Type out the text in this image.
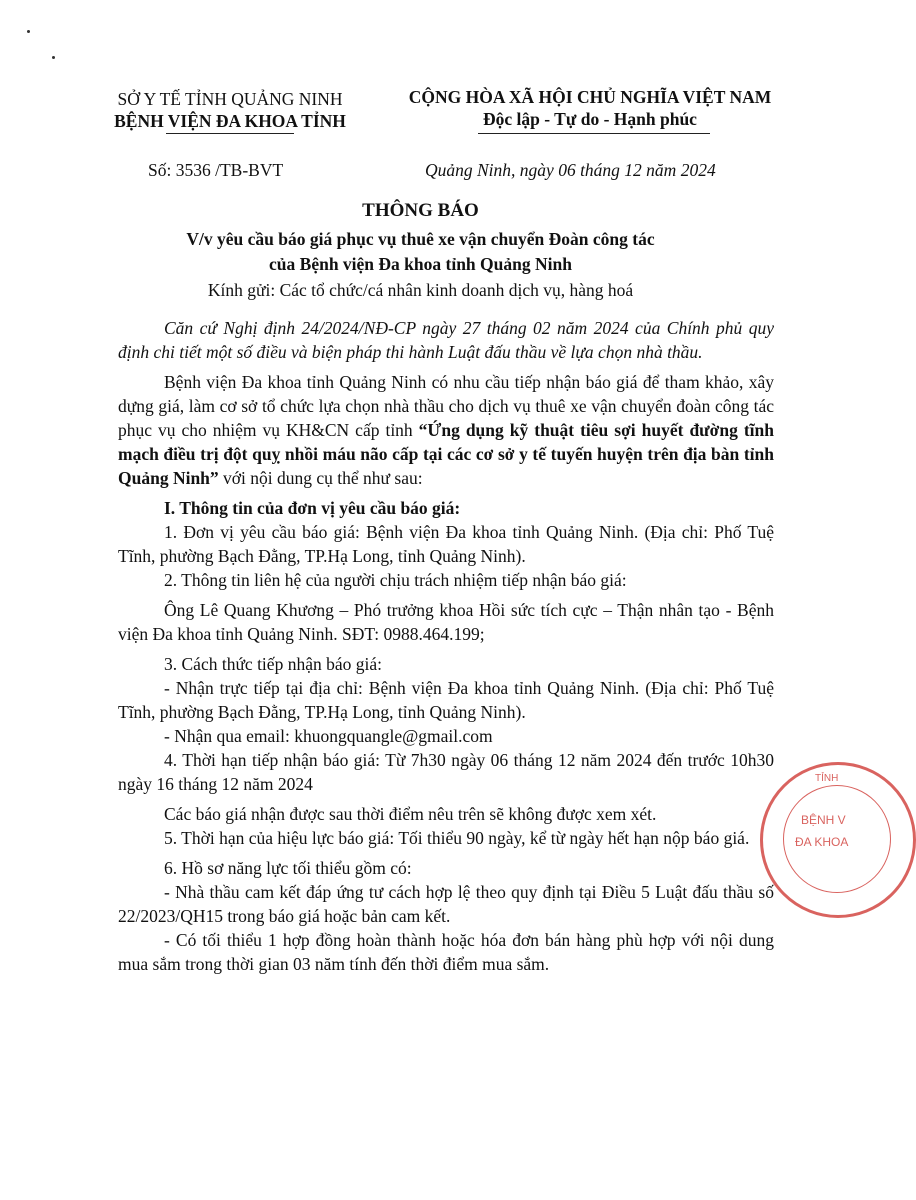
SỞ Y TẾ TỈNH QUẢNG NINH
BỆNH VIỆN ĐA KHOA TỈNH
CỘNG HÒA XÃ HỘI CHỦ NGHĨA VIỆT NAM
Độc lập - Tự do - Hạnh phúc
Số: 3536 /TB-BVT	Quảng Ninh, ngày 06 tháng 12 năm 2024
THÔNG BÁO
V/v yêu cầu báo giá phục vụ thuê xe vận chuyển Đoàn công tác
của Bệnh viện Đa khoa tỉnh Quảng Ninh
Kính gửi: Các tổ chức/cá nhân kinh doanh dịch vụ, hàng hoá

Căn cứ Nghị định 24/2024/NĐ-CP ngày 27 tháng 02 năm 2024 của Chính phủ quy định chi tiết một số điều và biện pháp thi hành Luật đấu thầu về lựa chọn nhà thầu.

Bệnh viện Đa khoa tỉnh Quảng Ninh có nhu cầu tiếp nhận báo giá để tham khảo, xây dựng giá, làm cơ sở tổ chức lựa chọn nhà thầu cho dịch vụ thuê xe vận chuyển đoàn công tác phục vụ cho nhiệm vụ KH&CN cấp tỉnh “Ứng dụng kỹ thuật tiêu sợi huyết đường tĩnh mạch điều trị đột quỵ nhồi máu não cấp tại các cơ sở y tế tuyến huyện trên địa bàn tỉnh Quảng Ninh” với nội dung cụ thể như sau:

I. Thông tin của đơn vị yêu cầu báo giá:

1. Đơn vị yêu cầu báo giá: Bệnh viện Đa khoa tỉnh Quảng Ninh. (Địa chỉ: Phố Tuệ Tĩnh, phường Bạch Đằng, TP.Hạ Long, tỉnh Quảng Ninh).

2. Thông tin liên hệ của người chịu trách nhiệm tiếp nhận báo giá:

Ông Lê Quang Khương – Phó trưởng khoa Hồi sức tích cực – Thận nhân tạo - Bệnh viện Đa khoa tỉnh Quảng Ninh. SĐT: 0988.464.199;

3. Cách thức tiếp nhận báo giá:

- Nhận trực tiếp tại địa chỉ: Bệnh viện Đa khoa tỉnh Quảng Ninh. (Địa chỉ: Phố Tuệ Tĩnh, phường Bạch Đằng, TP.Hạ Long, tỉnh Quảng Ninh).

- Nhận qua email: khuongquangle@gmail.com

4. Thời hạn tiếp nhận báo giá: Từ 7h30 ngày 06 tháng 12 năm 2024 đến trước 10h30 ngày 16 tháng 12 năm 2024

Các báo giá nhận được sau thời điểm nêu trên sẽ không được xem xét.

5. Thời hạn của hiệu lực báo giá: Tối thiểu 90 ngày, kể từ ngày hết hạn nộp báo giá.

6. Hồ sơ năng lực tối thiểu gồm có:

- Nhà thầu cam kết đáp ứng tư cách hợp lệ theo quy định tại Điều 5 Luật đấu thầu số 22/2023/QH15 trong báo giá hoặc bản cam kết.

- Có tối thiểu 1 hợp đồng hoàn thành hoặc hóa đơn bán hàng phù hợp với nội dung mua sắm trong thời gian 03 năm tính đến thời điểm mua sắm.

TỈNH
BỆNH V
ĐA KHOA
